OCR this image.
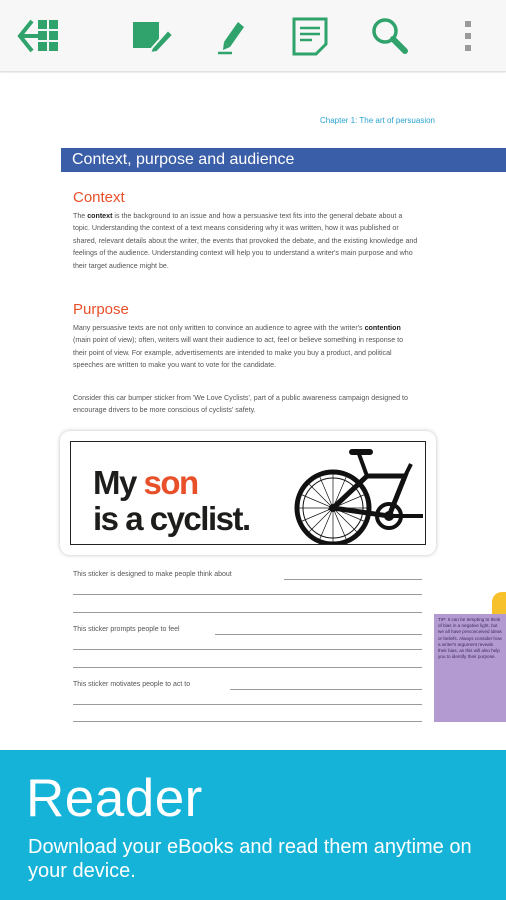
Chapter 1: The art of persuasion
Context, purpose and audience
Context
The context is the background to an issue and how a persuasive text fits into the general debate about a topic. Understanding the context of a text means considering why it was written, how it was published or shared, relevant details about the writer, the events that provoked the debate, and the existing knowledge and feelings of the audience. Understanding context will help you to understand a writer's main purpose and who their target audience might be.
Purpose
Many persuasive texts are not only written to convince an audience to agree with the writer's contention (main point of view); often, writers will want their audience to act, feel or believe something in response to their point of view. For example, advertisements are intended to make you buy a product, and political speeches are written to make you want to vote for the candidate.
Consider this car bumper sticker from 'We Love Cyclists', part of a public awareness campaign designed to encourage drivers to be more conscious of cyclists' safety.
My son
is a cyclist.
This sticker is designed to make people think about
This sticker prompts people to feel
This sticker motivates people to act to
TIP: It can be tempting to think of bias in a negative light, but we all have preconceived ideas or beliefs. Always consider how a writer's argument reveals their bias, as this will also help you to identify their purpose.
Reader
Download your eBooks and read them anytime on your device.
